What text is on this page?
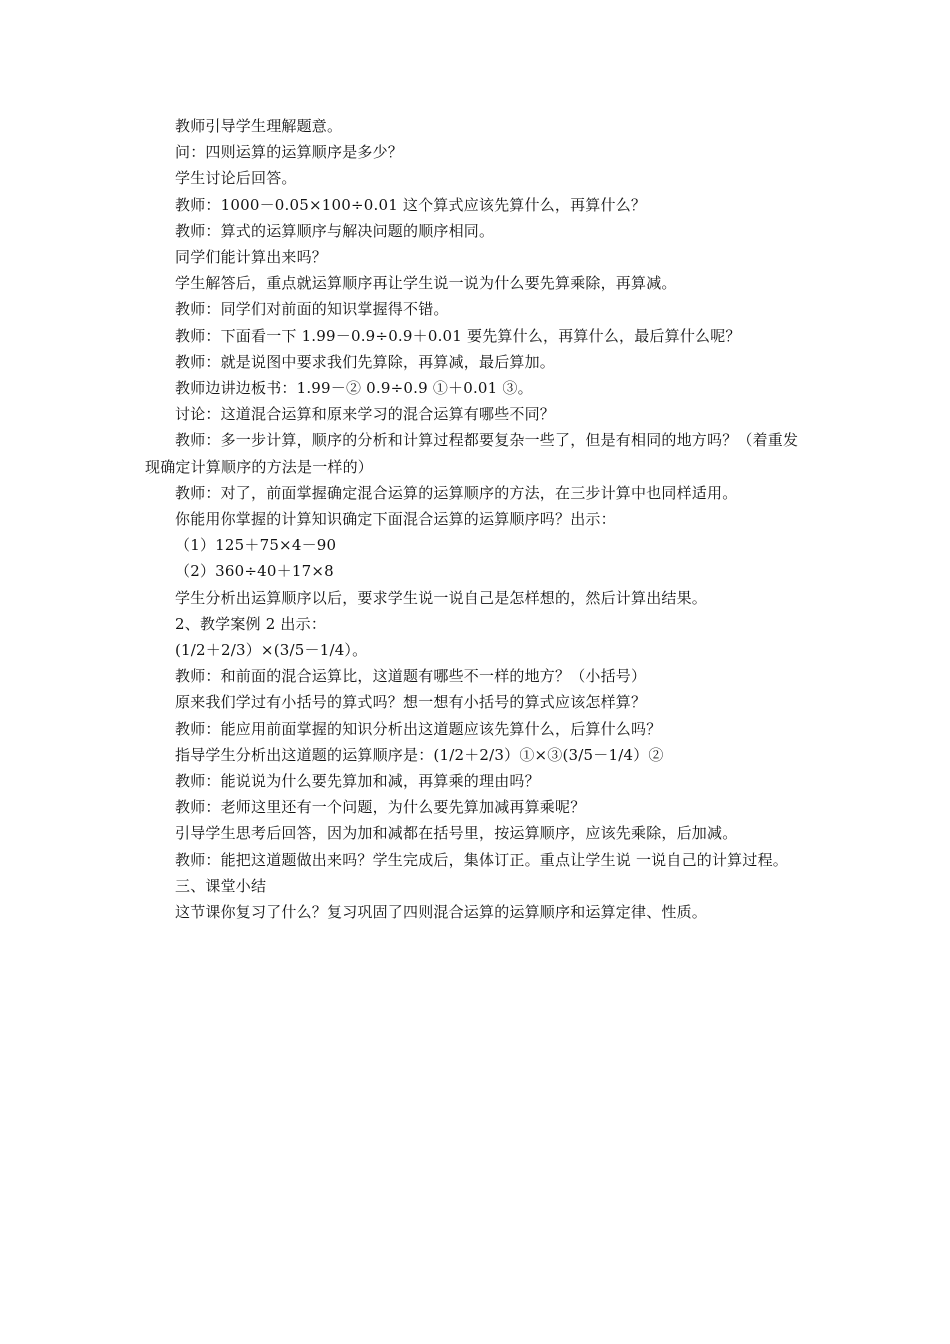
教师引导学生理解题意。

问：四则运算的运算顺序是多少？

学生讨论后回答。

教师：1000－0.05×100÷0.01 这个算式应该先算什么，再算什么？

教师：算式的运算顺序与解决问题的顺序相同。

同学们能计算出来吗？

学生解答后，重点就运算顺序再让学生说一说为什么要先算乘除，再算减。

教师：同学们对前面的知识掌握得不错。

教师：下面看一下 1.99－0.9÷0.9＋0.01 要先算什么，再算什么，最后算什么呢？

教师：就是说图中要求我们先算除，再算减，最后算加。

教师边讲边板书：1.99－② 0.9÷0.9 ①＋0.01 ③。

讨论：这道混合运算和原来学习的混合运算有哪些不同？

教师：多一步计算，顺序的分析和计算过程都要复杂一些了，但是有相同的地方吗？（着重发现确定计算顺序的方法是一样的）

教师：对了，前面掌握确定混合运算的运算顺序的方法，在三步计算中也同样适用。

你能用你掌握的计算知识确定下面混合运算的运算顺序吗？出示：

（1）125＋75×4－90

（2）360÷40＋17×8

学生分析出运算顺序以后，要求学生说一说自己是怎样想的，然后计算出结果。

2、教学案例 2 出示：

(1/2＋2/3）×(3/5－1/4）。

教师：和前面的混合运算比，这道题有哪些不一样的地方？（小括号）

原来我们学过有小括号的算式吗？想一想有小括号的算式应该怎样算？

教师：能应用前面掌握的知识分析出这道题应该先算什么，后算什么吗？

指导学生分析出这道题的运算顺序是：(1/2＋2/3）①×③(3/5－1/4）②

教师：能说说为什么要先算加和减，再算乘的理由吗？

教师：老师这里还有一个问题，为什么要先算加减再算乘呢？

引导学生思考后回答，因为加和减都在括号里，按运算顺序，应该先乘除，后加减。

教师：能把这道题做出来吗？学生完成后，集体订正。重点让学生说 一说自己的计算过程。

三、课堂小结

这节课你复习了什么？复习巩固了四则混合运算的运算顺序和运算定律、性质。
